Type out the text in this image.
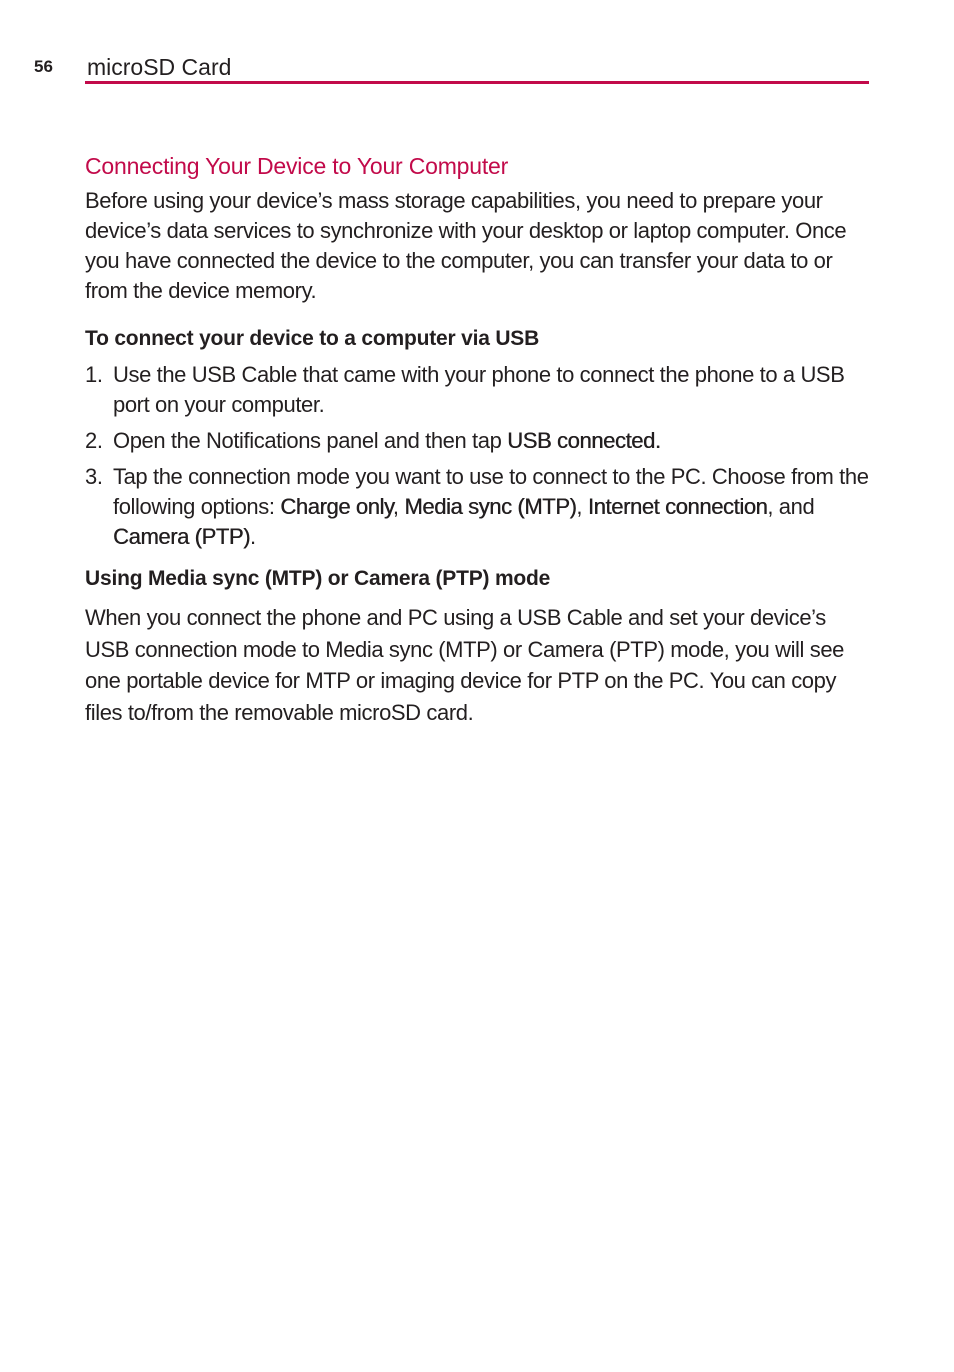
56 microSD Card
Connecting Your Device to Your Computer

Before using your device’s mass storage capabilities, you need to prepare your device’s data services to synchronize with your desktop or laptop computer. Once you have connected the device to the computer, you can transfer your data to or from the device memory.

To connect your device to a computer via USB
1. Use the USB Cable that came with your phone to connect the phone to a USB port on your computer.
2. Open the Notifications panel and then tap USB connected.
3. Tap the connection mode you want to use to connect to the PC. Choose from the following options: Charge only, Media sync (MTP), Internet connection, and Camera (PTP).
Using Media sync (MTP) or Camera (PTP) mode

When you connect the phone and PC using a USB Cable and set your device’s USB connection mode to Media sync (MTP) or Camera (PTP) mode, you will see one portable device for MTP or imaging device for PTP on the PC. You can copy files to/from the removable microSD card.
